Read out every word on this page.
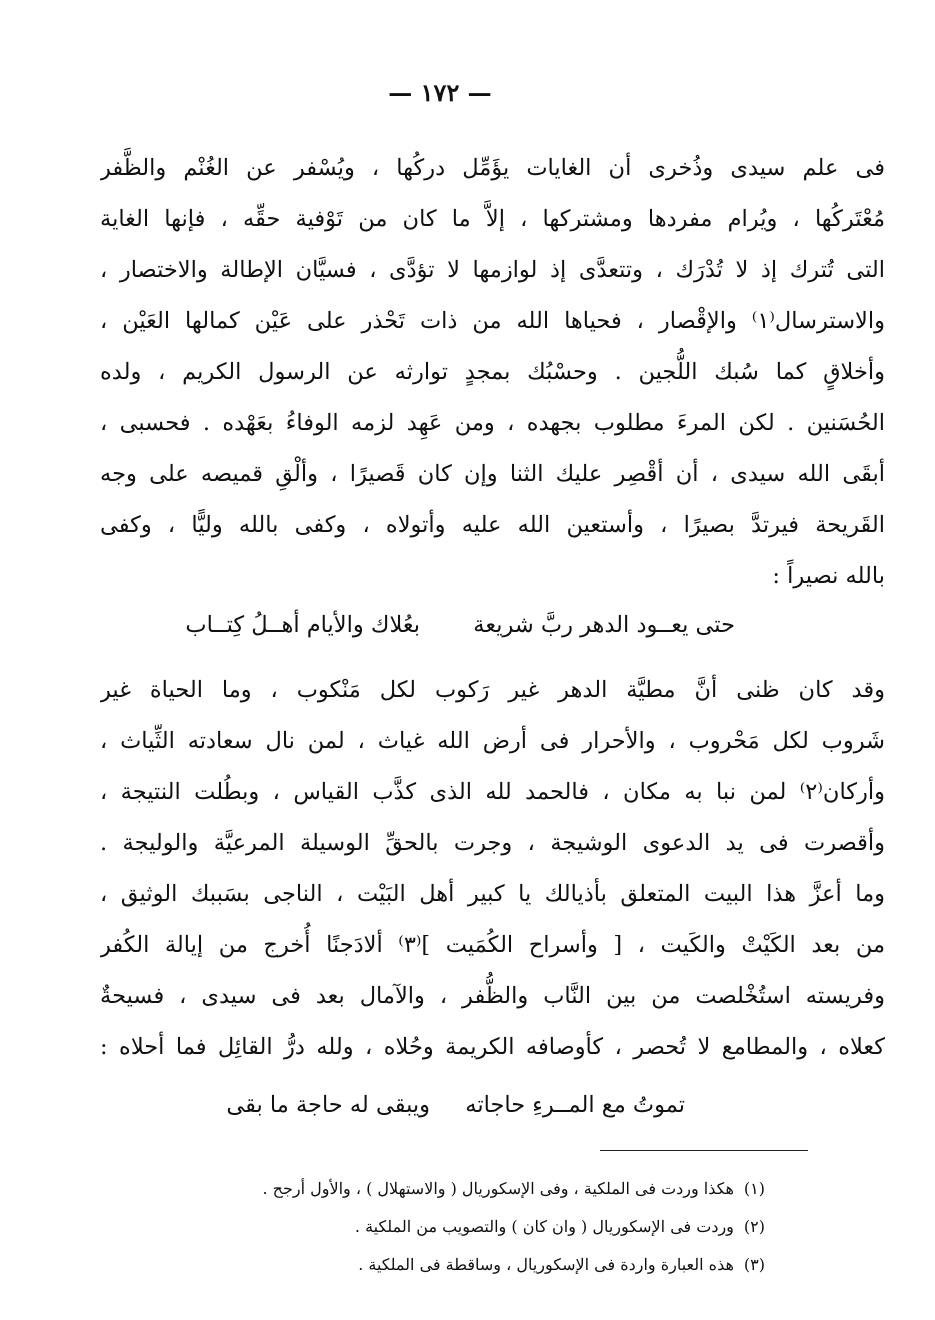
— ١٧٢ —
فى علم سيدى وذُخرى أن الغايات يؤَمِّل دركُها ، ويُسْفر عن الغُنْم والظَّفر
مُعْتَركُها ، ويُرام مفردها ومشتركها ، إلاَّ ما كان من تَوْفية حقِّه ، فإنها الغاية
التى تُترك إذ لا تُدْرَك ، وتتعدَّى إذ لوازمها لا تؤدَّى ، فسيَّان الإطالة والاختصار ،
والاسترسال⁽١⁾ والإقْصار ، فحياها الله من ذات تَحْذر على عَيْن كمالها العَيْن ،
وأخلاقٍ كما سُبك اللُّجين . وحسْبُك بمجدٍ توارثه عن الرسول الكريم ، ولده
الحُسَنين . لكن المرءَ مطلوب بجهده ، ومن عَهِد لزمه الوفاءُ بعَهْده . فحسبى ،
أبقَى الله سيدى ، أن أقْصِر عليك الثنا وإن كان قَصيرًا ، وألْقِ قميصه على وجه
القَريحة فيرتدَّ بصيرًا ، وأستعين الله عليه وأتولاه ، وكفى بالله وليًّا ، وكفى
بالله نصيراً :
حتى يعــود الدهر ربَّ شريعة
بعُلاك والأيام أهــلُ كِتــاب
وقد كان ظنى أنَّ مطيَّة الدهر غير رَكوب لكل مَنْكوب ، وما الحياة غير
شَروب لكل مَحْروب ، والأحرار فى أرض الله غياث ، لمن نال سعادته الثِّياث ،
وأركان⁽٢⁾ لمن نبا به مكان ، فالحمد لله الذى كذَّب القياس ، وبطُلت النتيجة ،
وأقصرت فى يد الدعوى الوشيجة ، وجرت بالحقِّ الوسيلة المرعيَّة والوليجة .
وما أعزَّ هذا البيت المتعلق بأذيالك يا كبير أهل البَيْت ، الناجى بسَببك الوثيق ،
من بعد الكَيْتْ والكَيت ، [ وأسراح الكُمَيت ]⁽٣⁾ ألادَجنًا أُخرج من إيالة الكُفر
وفريسته استُخْلصت من بين النَّاب والظُّفر ، والآمال بعد فى سيدى ، فسيحةٌ
كعلاه ، والمطامع لا تُحصر ، كأوصافه الكريمة وحُلاه ، ولله درُّ القائِل فما أحلاه :
تموتُ مع المــرءِ حاجاته
ويبقى له حاجة ما بقى
(١)هكذا وردت فى الملكية ، وفى الإسكوريال ( والاستهلال ) ، والأول أرجح .
(٢)وردت فى الإسكوريال ( وان كان ) والتصويب من الملكية .
(٣)هذه العبارة واردة فى الإسكوريال ، وساقطة فى الملكية .
